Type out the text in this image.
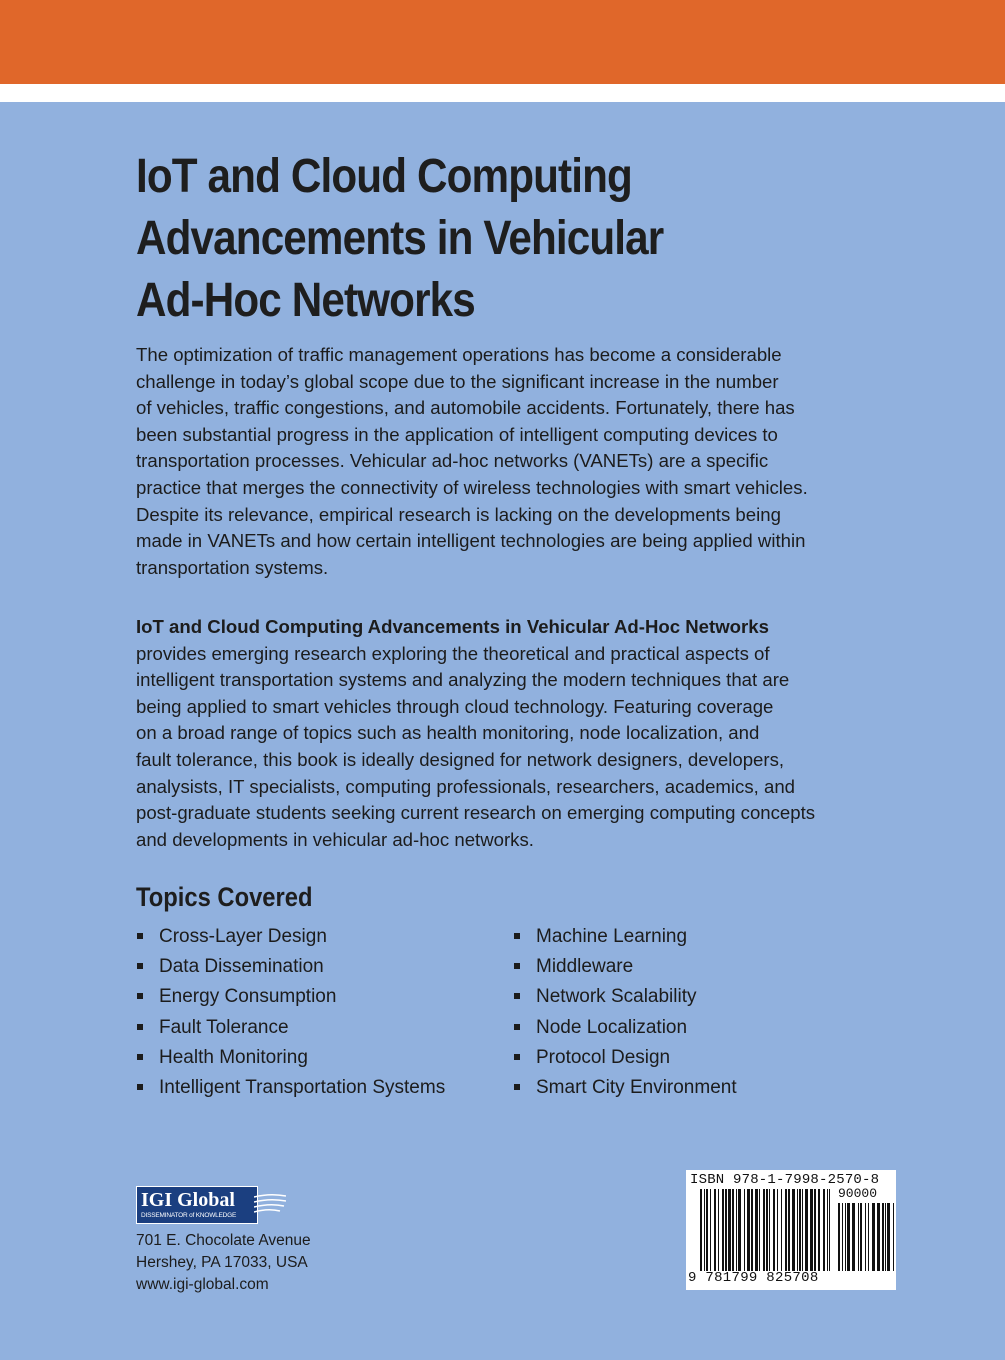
IoT and Cloud Computing
Advancements in Vehicular
Ad-Hoc Networks

The optimization of traffic management operations has become a considerable
challenge in today’s global scope due to the significant increase in the number
of vehicles, traffic congestions, and automobile accidents. Fortunately, there has
been substantial progress in the application of intelligent computing devices to
transportation processes. Vehicular ad-hoc networks (VANETs) are a specific
practice that merges the connectivity of wireless technologies with smart vehicles.
Despite its relevance, empirical research is lacking on the developments being
made in VANETs and how certain intelligent technologies are being applied within
transportation systems.

IoT and Cloud Computing Advancements in Vehicular Ad-Hoc Networks
provides emerging research exploring the theoretical and practical aspects of
intelligent transportation systems and analyzing the modern techniques that are
being applied to smart vehicles through cloud technology. Featuring coverage
on a broad range of topics such as health monitoring, node localization, and
fault tolerance, this book is ideally designed for network designers, developers,
analysists, IT specialists, computing professionals, researchers, academics, and
post-graduate students seeking current research on emerging computing concepts
and developments in vehicular ad-hoc networks.

Topics Covered
Cross-Layer Design
Data Dissemination
Energy Consumption
Fault Tolerance
Health Monitoring
Intelligent Transportation Systems
Machine Learning
Middleware
Network Scalability
Node Localization
Protocol Design
Smart City Environment
IGI Global
DISSEMINATOR of KNOWLEDGE

701 E. Chocolate Avenue
Hershey, PA 17033, USA
www.igi-global.com

ISBN 978-1-7998-2570-8
90000
9 781799 825708
